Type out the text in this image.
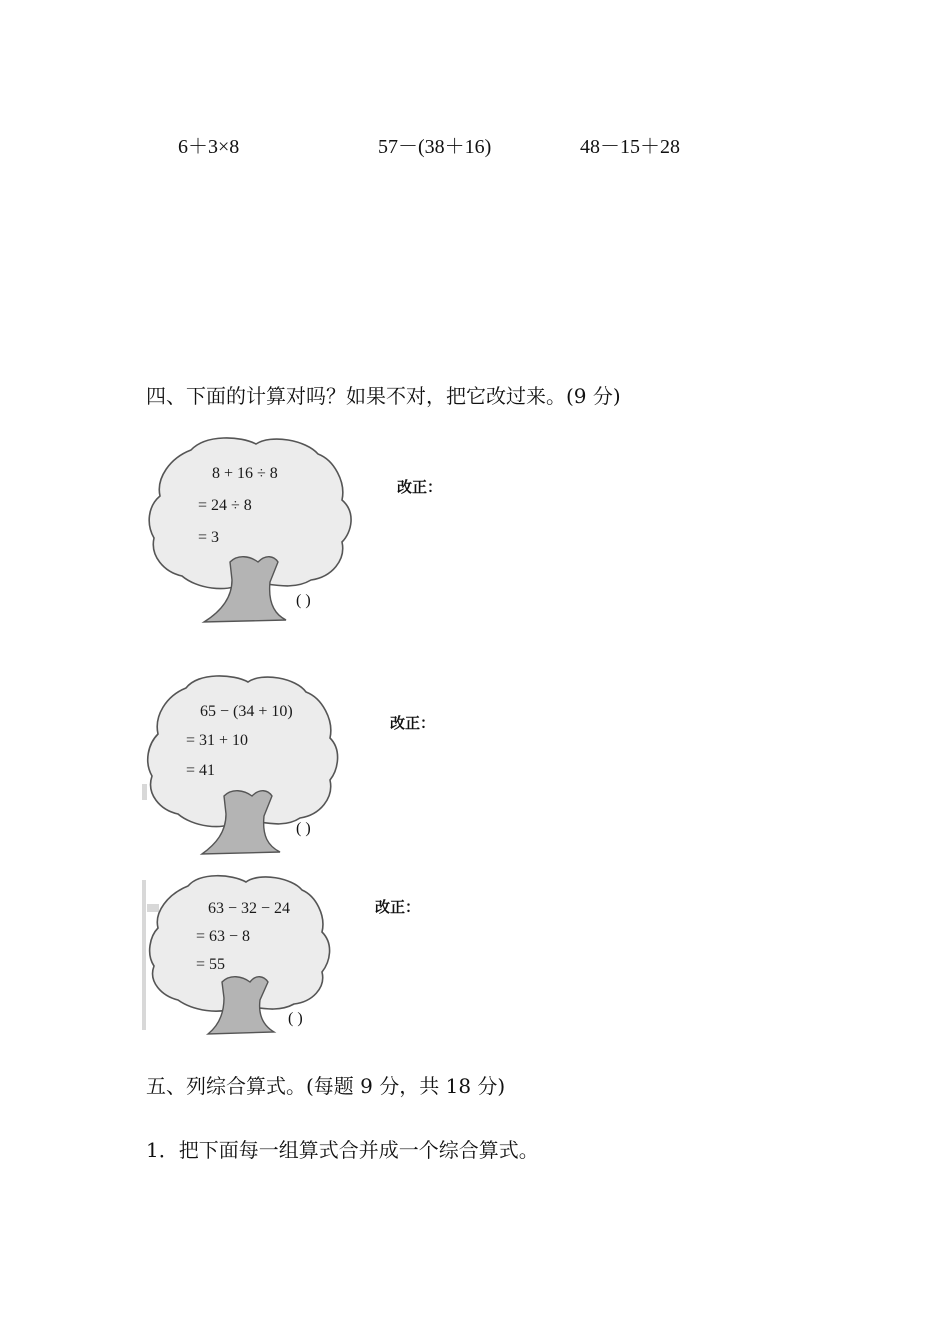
6＋3×8	57－(38＋16)	48－15＋28
四、下面的计算对吗？如果不对，把它改过来。(9 分)
8 + 16 ÷ 8
= 24 ÷ 8
= 3
( )
改正：
65 − (34 + 10)
= 31 + 10
= 41
( )
改正：
63 − 32 − 24
= 63 − 8
= 55
( )
改正：
五、列综合算式。(每题 9 分，共 18 分)
1．把下面每一组算式合并成一个综合算式。
